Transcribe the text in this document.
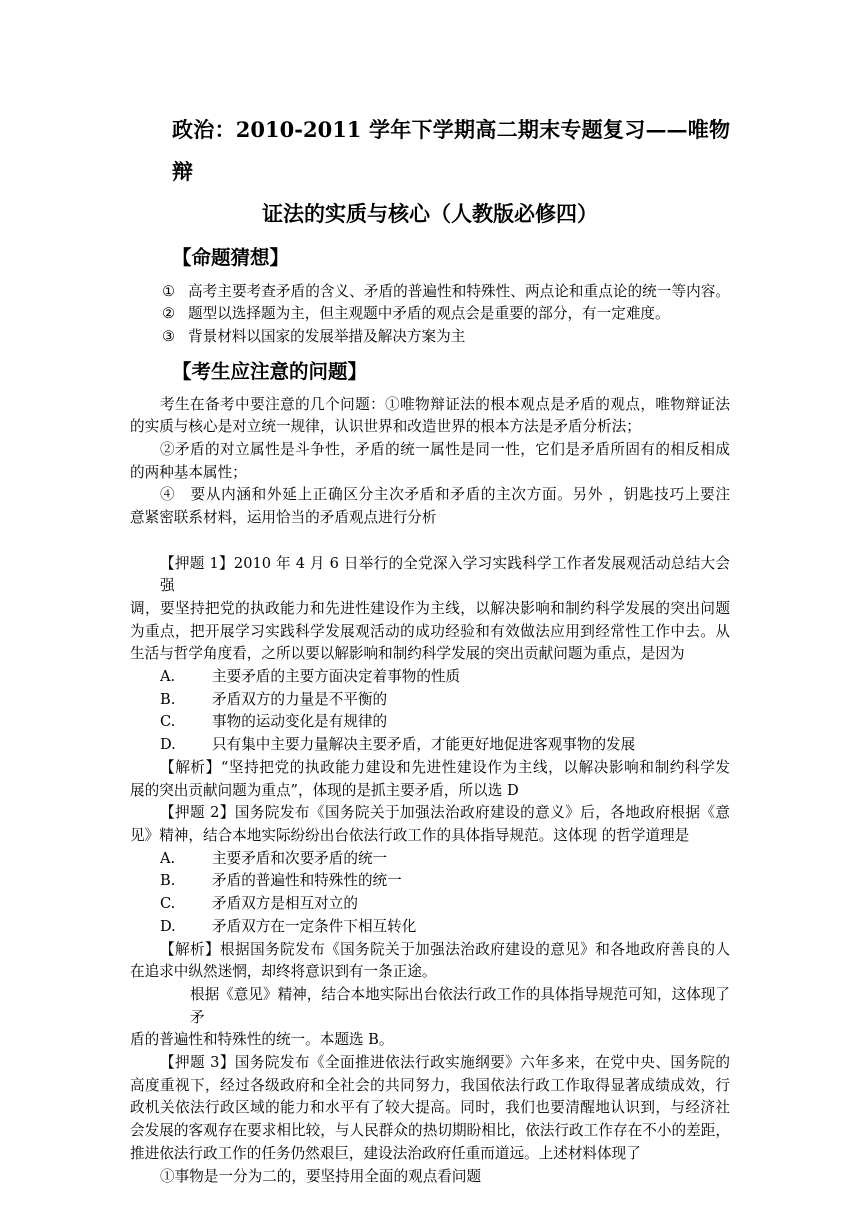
政治：2010-2011 学年下学期高二期末专题复习——唯物辩
证法的实质与核心（人教版必修四）
【命题猜想】
① 高考主要考查矛盾的含义、矛盾的普遍性和特殊性、两点论和重点论的统一等内容。
② 题型以选择题为主，但主观题中矛盾的观点会是重要的部分，有一定难度。
③ 背景材料以国家的发展举措及解决方案为主
【考生应注意的问题】
考生在备考中要注意的几个问题：①唯物辩证法的根本观点是矛盾的观点，唯物辩证法
的实质与核心是对立统一规律，认识世界和改造世界的根本方法是矛盾分析法；
②矛盾的对立属性是斗争性，矛盾的统一属性是同一性，它们是矛盾所固有的相反相成
的两种基本属性；
④　要从内涵和外延上正确区分主次矛盾和矛盾的主次方面。另外 ，钥匙技巧上要注
意紧密联系材料，运用恰当的矛盾观点进行分析
【押题 1】2010 年 4 月 6 日举行的全党深入学习实践科学工作者发展观活动总结大会强
调，要坚持把党的执政能力和先进性建设作为主线，以解决影响和制约科学发展的突出问题
为重点，把开展学习实践科学发展观活动的成功经验和有效做法应用到经常性工作中去。从
生活与哲学角度看，之所以要以解影响和制约科学发展的突出贡献问题为重点，是因为
A.	主要矛盾的主要方面决定着事物的性质
B.	矛盾双方的力量是不平衡的
C.	事物的运动变化是有规律的
D.	只有集中主要力量解决主要矛盾，才能更好地促进客观事物的发展
【解析】“坚持把党的执政能力建设和先进性建设作为主线，以解决影响和制约科学发
展的突出贡献问题为重点”，体现的是抓主要矛盾，所以选 D
【押题 2】国务院发布《国务院关于加强法治政府建设的意义》后，各地政府根据《意
见》精神，结合本地实际纷纷出台依法行政工作的具体指导规范。这体现 的哲学道理是
A.	主要矛盾和次要矛盾的统一
B.	矛盾的普遍性和特殊性的统一
C.	矛盾双方是相互对立的
D.	矛盾双方在一定条件下相互转化
【解析】根据国务院发布《国务院关于加强法治政府建设的意见》和各地政府善良的人
在追求中纵然迷惘，却终将意识到有一条正途。
根据《意见》精神，结合本地实际出台依法行政工作的具体指导规范可知，这体现了矛
盾的普遍性和特殊性的统一。本题选 B。
【押题 3】国务院发布《全面推进依法行政实施纲要》六年多来，在党中央、国务院的
高度重视下，经过各级政府和全社会的共同努力，我国依法行政工作取得显著成绩成效，行
政机关依法行政区域的能力和水平有了较大提高。同时，我们也要清醒地认识到，与经济社
会发展的客观存在要求相比较，与人民群众的热切期盼相比，依法行政工作存在不小的差距，
推进依法行政工作的任务仍然艰巨，建设法治政府任重而道远。上述材料体现了
①事物是一分为二的，要坚持用全面的观点看问题
